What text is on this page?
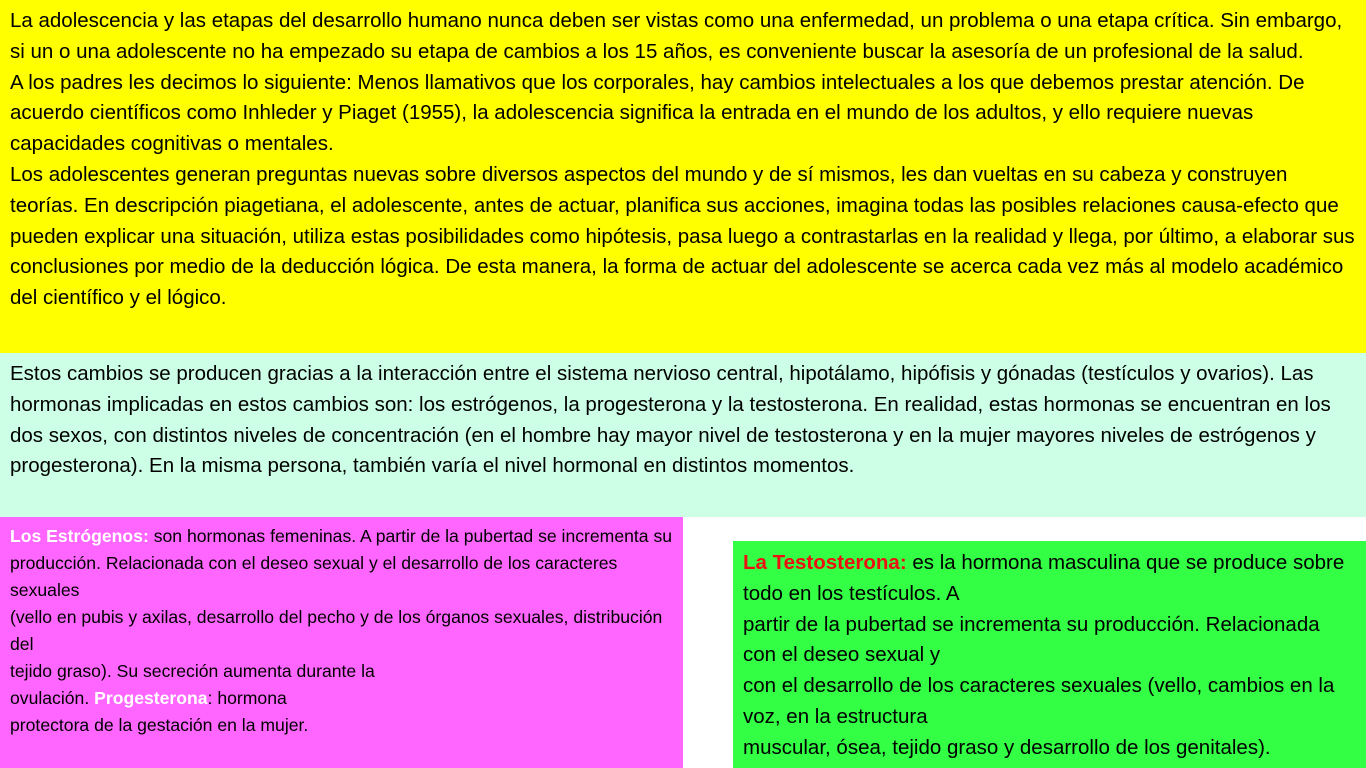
La adolescencia y las etapas del desarrollo humano nunca deben ser vistas como una enfermedad, un problema o una etapa crítica. Sin embargo, si un o una adolescente no ha empezado su etapa de cambios a los 15 años, es conveniente buscar la asesoría de un profesional de la salud.
A los padres les decimos lo siguiente: Menos llamativos que los corporales, hay cambios intelectuales a los que debemos prestar atención. De acuerdo científicos como Inhleder y Piaget (1955), la adolescencia significa la entrada en el mundo de los adultos, y ello requiere nuevas capacidades cognitivas o mentales.
Los adolescentes generan preguntas nuevas sobre diversos aspectos del mundo y de sí mismos, les dan vueltas en su cabeza y construyen teorías. En descripción piagetiana, el adolescente, antes de actuar, planifica sus acciones, imagina todas las posibles relaciones causa-efecto que pueden explicar una situación, utiliza estas posibilidades como hipótesis, pasa luego a contrastarlas en la realidad y llega, por último, a elaborar sus conclusiones por medio de la deducción lógica. De esta manera, la forma de actuar del adolescente se acerca cada vez más al modelo académico del científico y el lógico.
Estos cambios se producen gracias a la interacción entre el sistema nervioso central, hipotálamo, hipófisis y gónadas (testículos y ovarios). Las hormonas implicadas en estos cambios son: los estrógenos, la progesterona y la testosterona. En realidad, estas hormonas se encuentran en los dos sexos, con distintos niveles de concentración (en el hombre hay mayor nivel de testosterona y en la mujer mayores niveles de estrógenos y progesterona). En la misma persona, también varía el nivel hormonal en distintos momentos.
Los Estrógenos: son hormonas femeninas. A partir de la pubertad se incrementa su
producción. Relacionada con el deseo sexual y el desarrollo de los caracteres sexuales
(vello en pubis y axilas, desarrollo del pecho y de los órganos sexuales, distribución del
tejido graso). Su secreción aumenta durante la
ovulación. Progesterona: hormona
protectora de la gestación en la mujer.
La Testosterona: es la hormona masculina que se produce sobre todo en los testículos. A
partir de la pubertad se incrementa su producción. Relacionada con el deseo sexual y
con el desarrollo de los caracteres sexuales (vello, cambios en la voz, en la estructura
muscular, ósea, tejido graso y desarrollo de los genitales).
